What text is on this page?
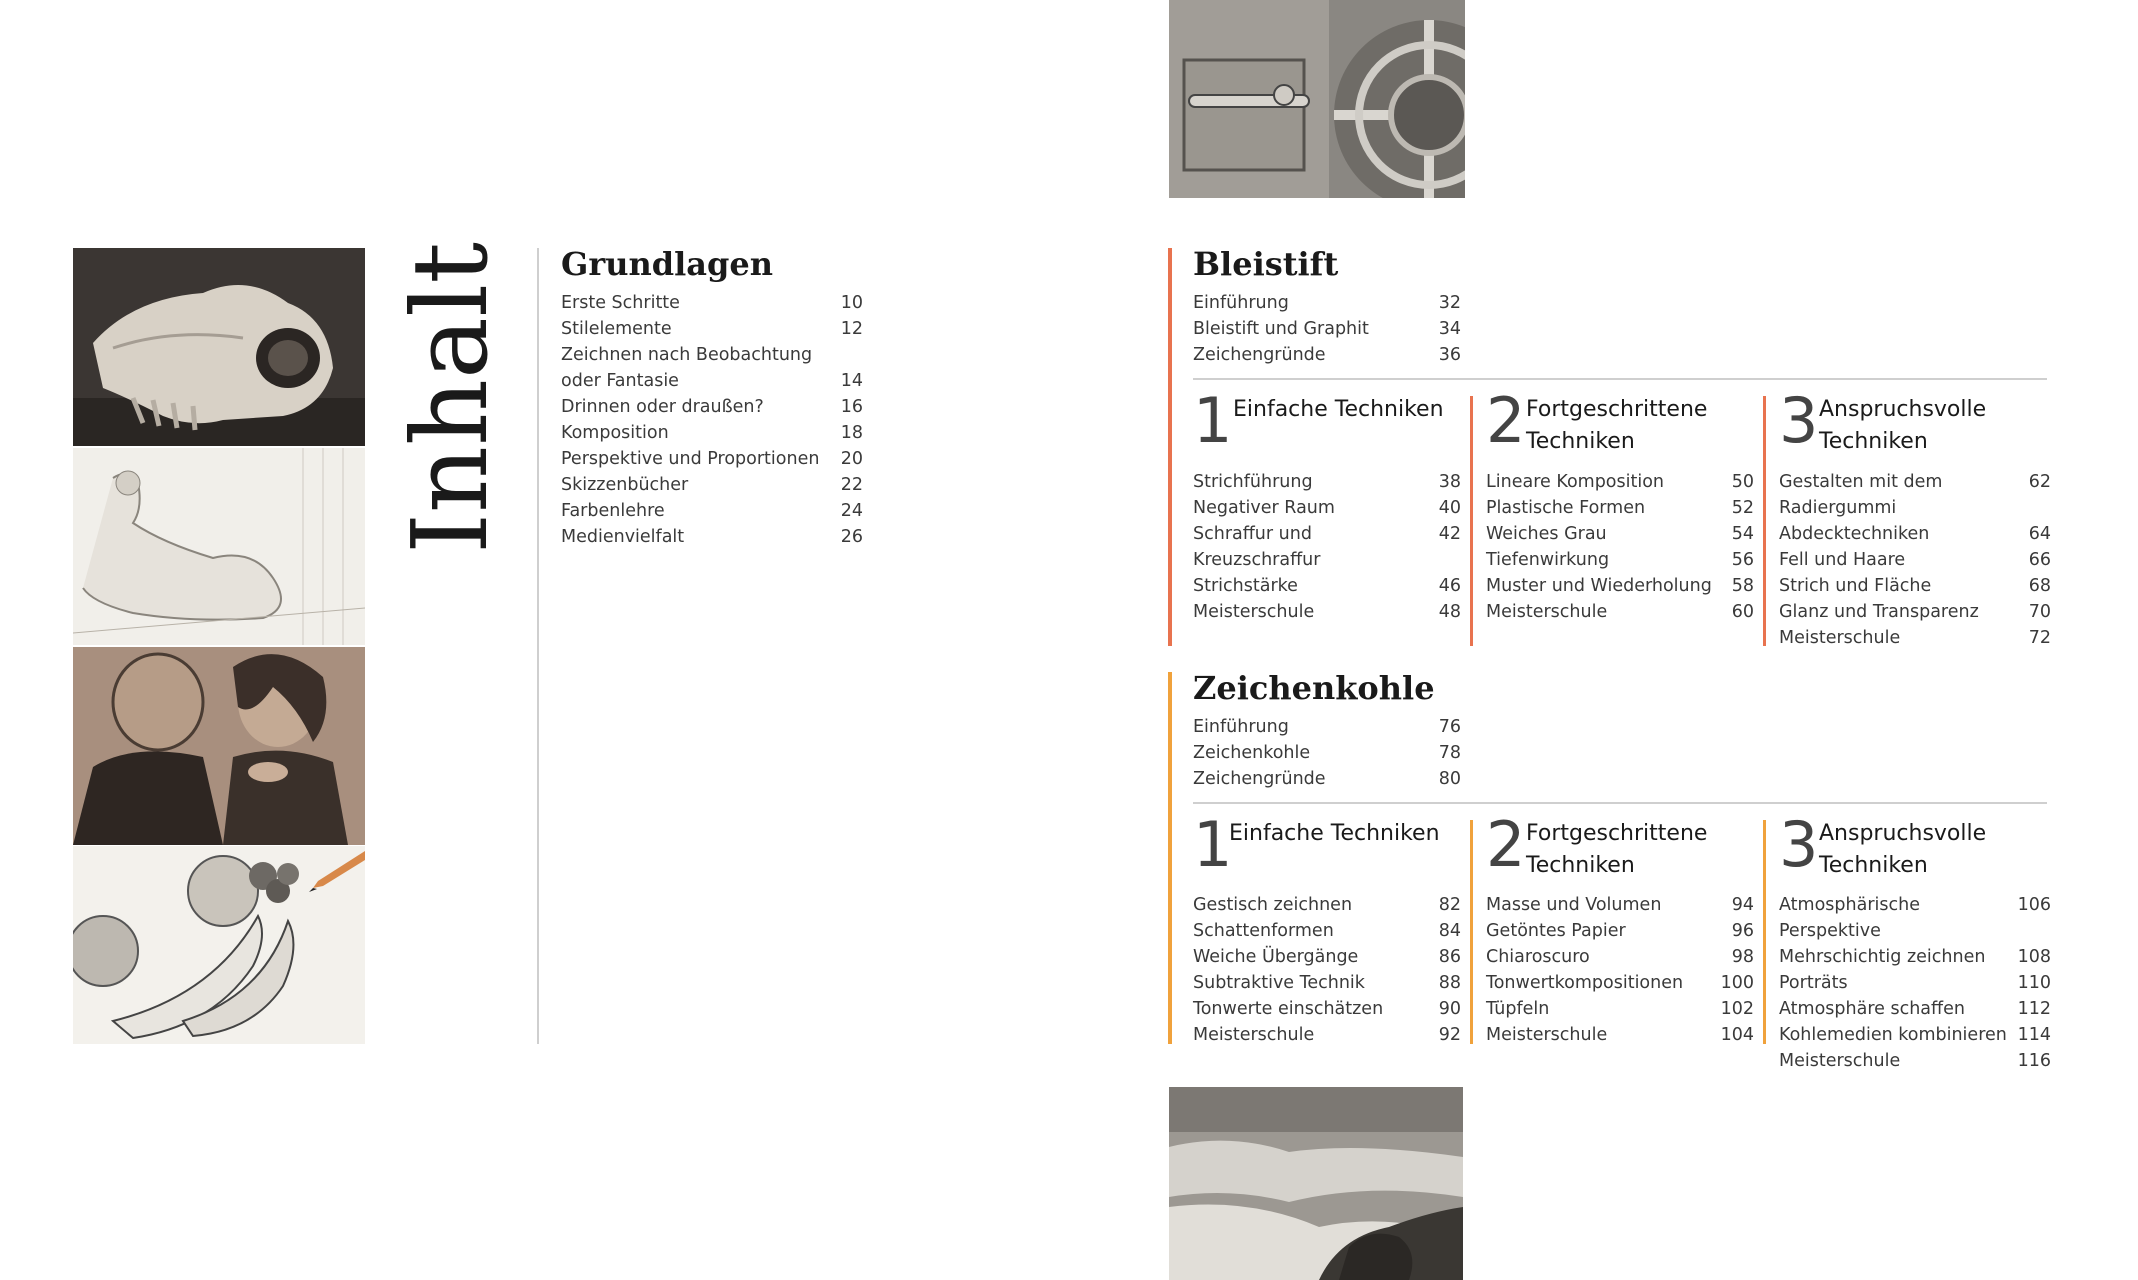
Inhalt Grundlagen
Erste Schritte	10
Stilelemente	12
Zeichnen nach Beobachtung
oder Fantasie	14
Drinnen oder draußen?	16
Komposition	18
Perspektive und Proportionen	20
Skizzenbücher	22
Farbenlehre	24
Medienvielfalt	26
Bleistift
Einführung	32
Bleistift und Graphit	34
Zeichengründe	36
1 Einfache Techniken
Strichführung	38
Negativer Raum	40
Schraffur und Kreuzschraffur
42
Strichstärke	46
Meisterschule	48
2 Fortgeschrittene
Techniken
Lineare Komposition	50
Plastische Formen	52
Weiches Grau	54
Tiefenwirkung	56
Muster und Wiederholung	58
Meisterschule	60
3 Anspruchsvolle
Techniken
Gestalten mit dem Radiergummi
62
Abdecktechniken	64
Fell und Haare	66
Strich und Fläche	68
Glanz und Transparenz	70
Meisterschule	72
Zeichenkohle
Einführung	76
Zeichenkohle	78
Zeichengründe	80
1
Einfache Techniken
Gestisch zeichnen	82
Schattenformen	84
Weiche Übergänge	86
Subtraktive Technik	88
Tonwerte einschätzen	90
Meisterschule	92
2 Fortgeschrittene
Techniken
Masse und Volumen	94
Getöntes Papier	96
Chiaroscuro	98
Tonwertkompositionen	100
Tüpfeln	102
Meisterschule	104
3 Anspruchsvolle
Techniken
Atmosphärische Perspektive
106
Mehrschichtig zeichnen	108
Porträts	110
Atmosphäre schaffen	112
Kohlemedien kombinieren 114
Meisterschule	116
